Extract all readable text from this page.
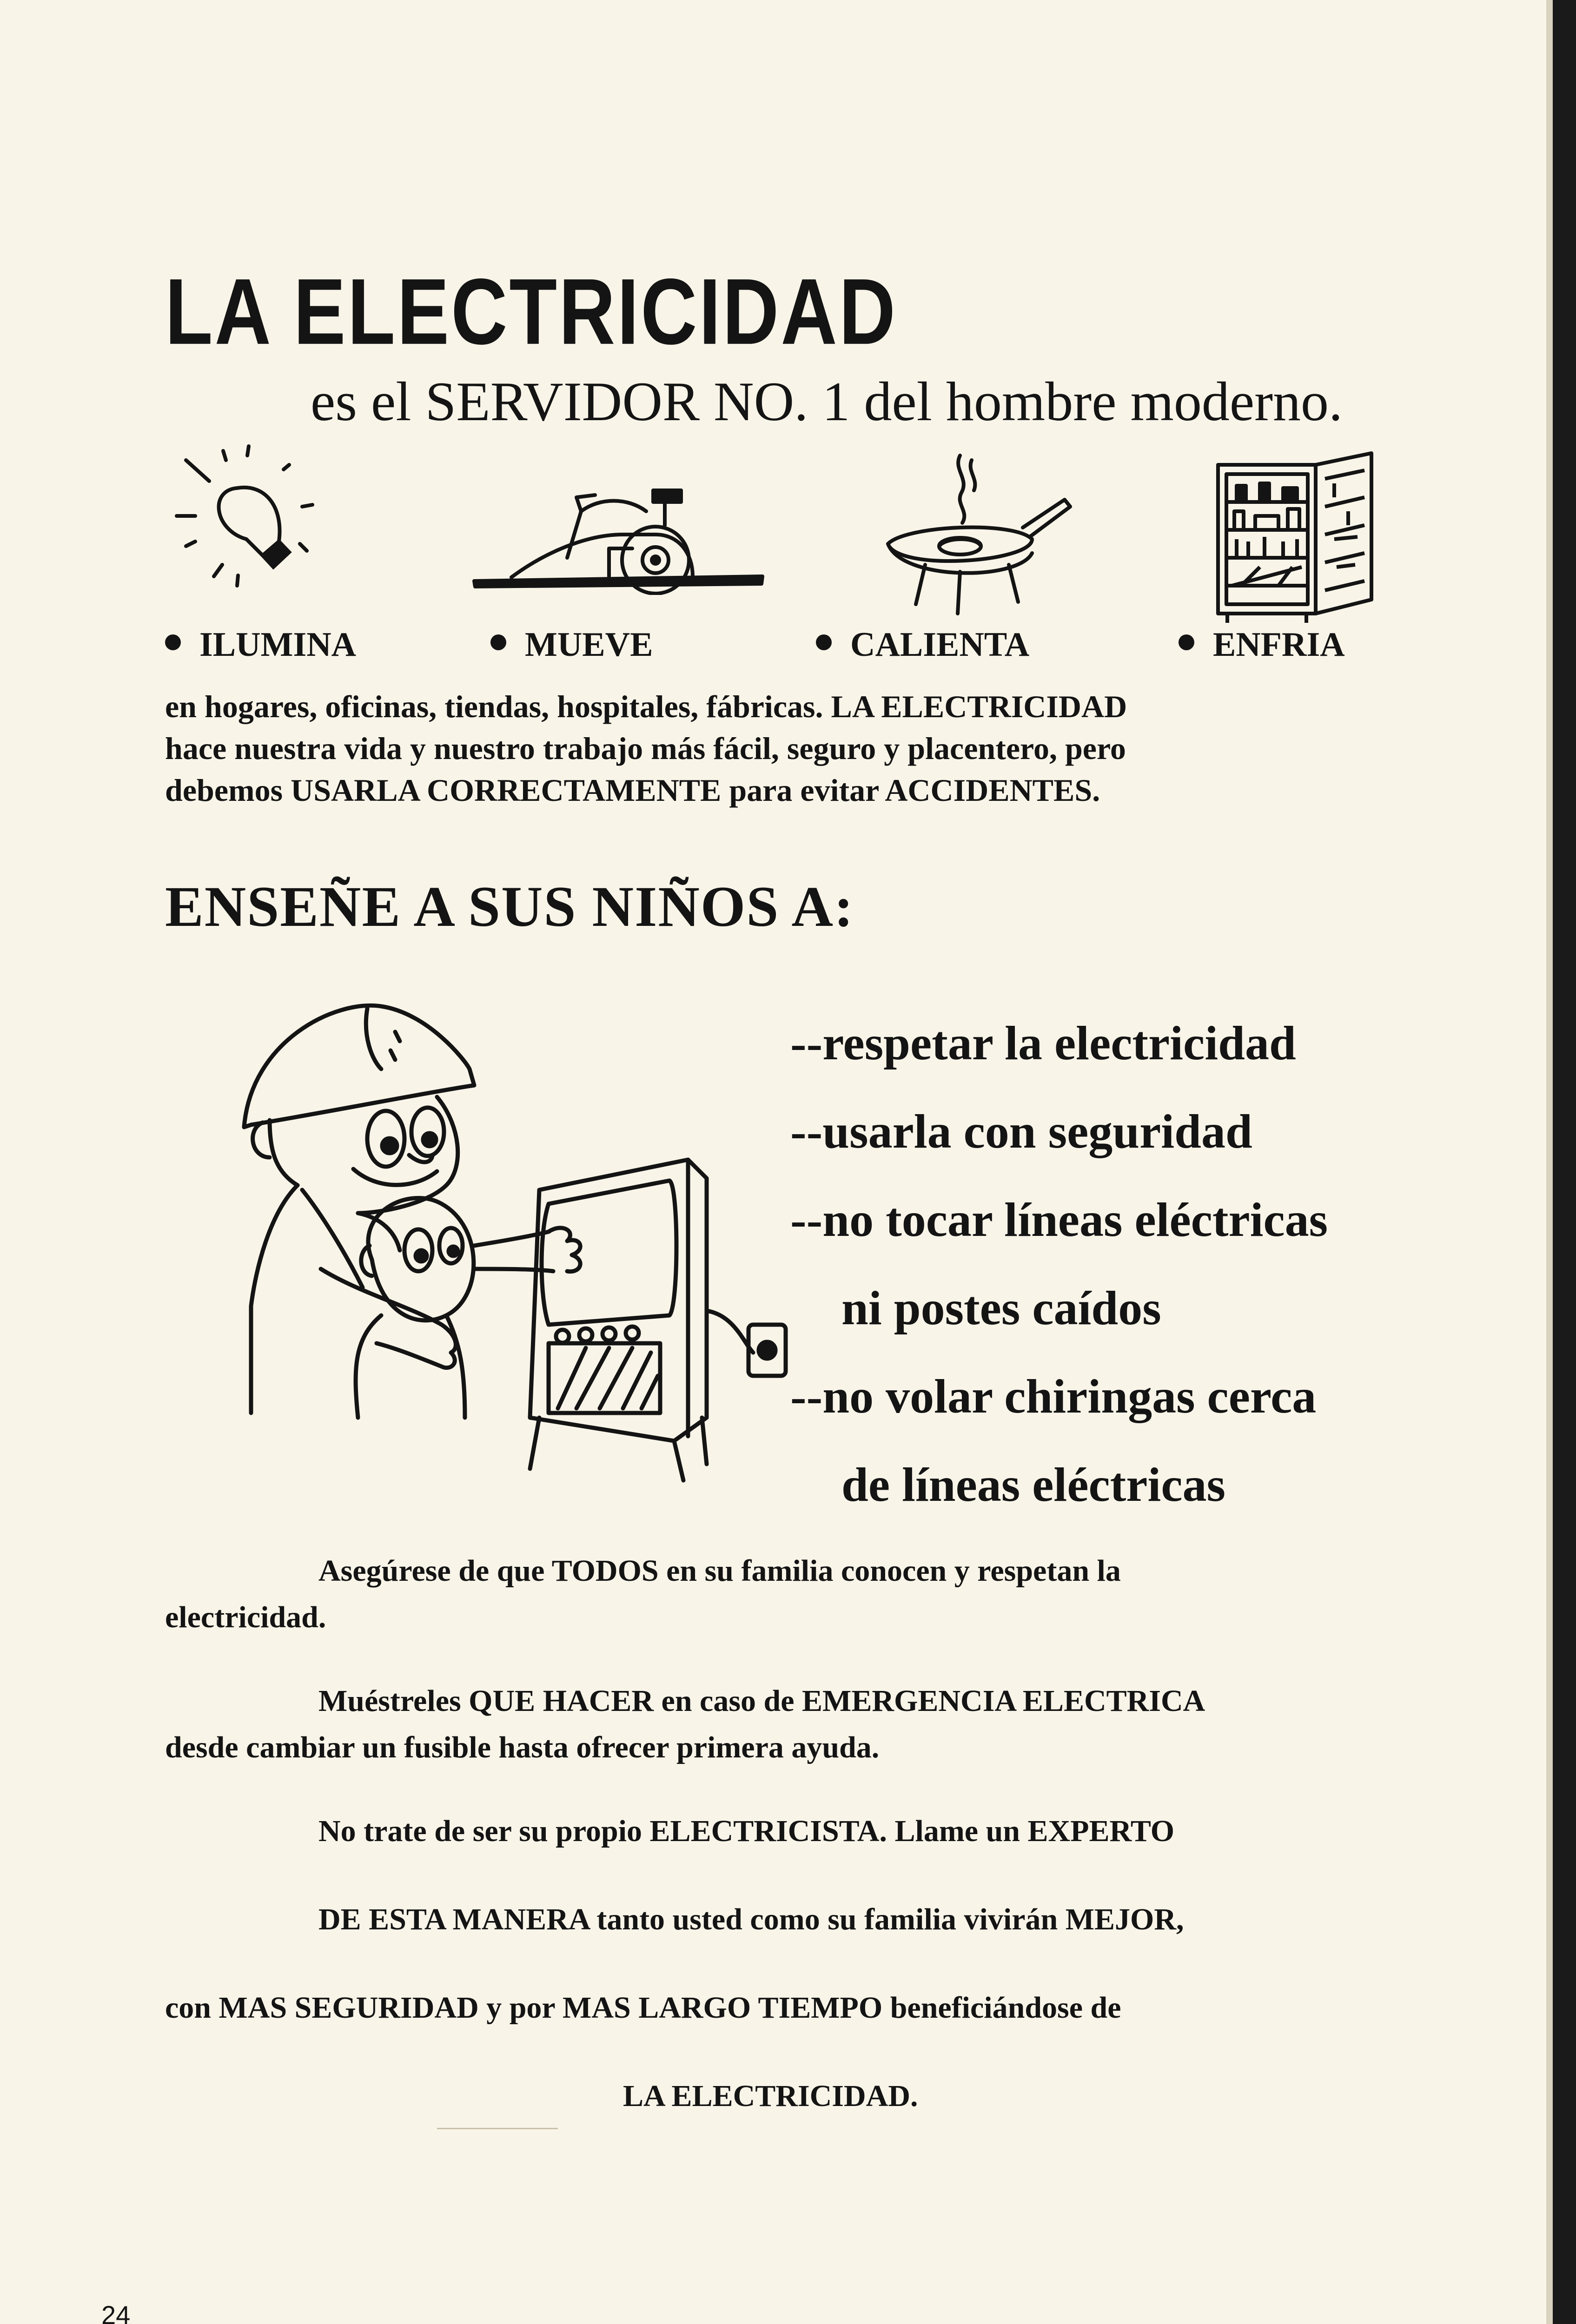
LA ELECTRICIDAD

es el SERVIDOR NO. 1 del hombre moderno.

ILUMINA	MUEVE	CALIENTA	ENFRIA

en hogares, oficinas, tiendas, hospitales, fábricas. LA ELECTRICIDAD
hace nuestra vida y nuestro trabajo más fácil, seguro y placentero, pero
debemos USARLA CORRECTAMENTE para evitar ACCIDENTES.

ENSEÑE A SUS NIÑOS A:
--respetar la electricidad
--usarla con seguridad
--no tocar líneas eléctricas
ni postes caídos
--no volar chiringas cerca
de líneas eléctricas

Asegúrese de que TODOS en su familia conocen y respetan la
electricidad.

Muéstreles QUE HACER en caso de EMERGENCIA ELECTRICA
desde cambiar un fusible hasta ofrecer primera ayuda.

No trate de ser su propio ELECTRICISTA. Llame un EXPERTO

DE ESTA MANERA tanto usted como su familia vivirán MEJOR,

con MAS SEGURIDAD y por MAS LARGO TIEMPO beneficiándose de

LA ELECTRICIDAD.

24
